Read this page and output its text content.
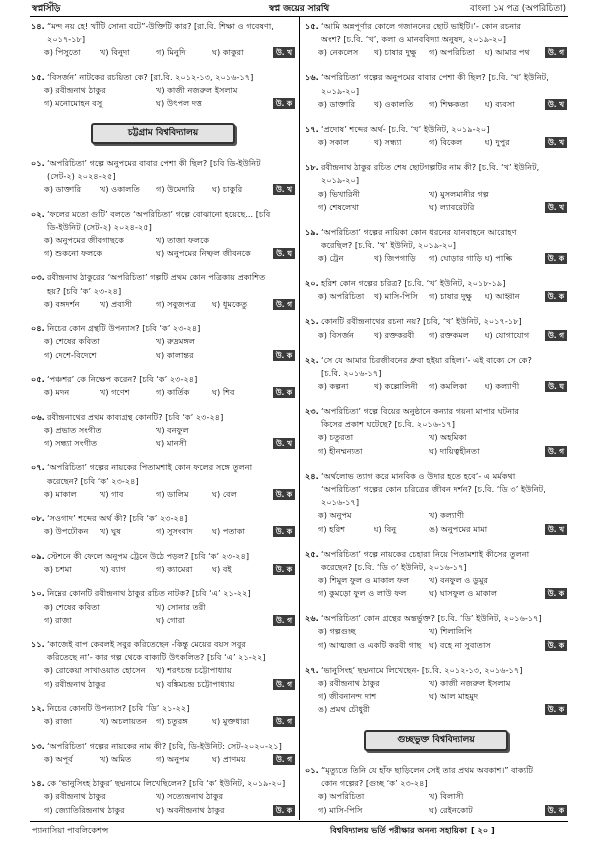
স্বপ্নসিঁড়ি	স্বপ্ন জয়ের সারথি	বাংলা ১ম পত্র (অপরিচিতা)
১৪. “মন্দ নয় হে! খাঁটি সোনা বটে”-উক্তিটি কার? [রা.বি. শিক্ষা ও গবেষণা,
২০১৭-১৮]
ক) পিসুতো	খ) বিনুদা	গ) মিনুদি	ঘ) কাকুরা	উ. খ
১৫. ‘বিসর্জন’ নাটকের রচয়িতা কে? [রা.বি. ২০১২-১৩, ২০১৬-১৭]
ক) রবীন্দ্রনাথ ঠাকুর	খ) কাজী নজরুল ইসলাম
গ) মনোমোহন বসু	ঘ) উৎপল দত্ত	উ. ক
চট্টগ্রাম বিশ্ববিদ্যালয়
০১. ‘অপরিচিতা’ গল্পে অনুপমের বাবার পেশা কী ছিল? [চবি ডি-ইউনিট
(সেট-২) ২০২৪-২৫]
ক) ডাক্তারি	খ) ওকালতি	গ) উমেদারি	ঘ) চাকুরি	উ. খ
০২. ‘ফলের মতো গুটি’ বলতে ‘অপরিচিতা’ গল্পে বোঝানো হয়েছে... [চবি
ডি-ইউনিট (সেট-২) ২০২৪-২৫]
ক) অনুপমের জীবগাছকে	খ) তাজা ফলকে
গ) শুকনো ফলকে	ঘ) অনুপমের নিষ্ফল জীবনকে	উ. ঘ
০৩. রবীন্দ্রনাথ ঠাকুরের ‘অপরিচিতা’ গল্পটি প্রথম কোন পত্রিকায় প্রকাশিত
হয়? [চবি ‘ক’ ২৩-২৪]
ক) বঙ্গদর্শন	খ) প্রবাসী	গ) সবুজপত্র	ঘ) ধূমকেতু	উ. গ
০৪. নিচের কোন গ্রন্থটি উপন্যাস? [চবি ‘ক’ ২৩-২৪]
ক) শেষের কবিতা	খ) রুদ্রমঙ্গল
গ) দেশে-বিদেশে	ঘ) কালান্তর	উ. ক
০৫. ‘পঞ্চশর’ কে নিক্ষেপ করেন? [চবি ‘ক’ ২৩-২৪]
ক) মদন	খ) গণেশ	গ) কার্তিক	ঘ) শিব	উ. ক
০৬. রবীন্দ্রনাথের প্রথম কাব্যগ্রন্থ কোনটি? [চবি ‘ক’ ২৩-২৪]
ক) প্রভাত সংগীত	খ) বনফুল
গ) সন্ধ্যা সংগীত	ঘ) মানসী	উ. খ
০৭. ‘অপরিচিতা’ গল্পের নায়কের পিতামশাই কোন ফলের সঙ্গে তুলনা
করেছেন? [চবি ‘ক’ ২৩-২৪]
ক) মাকাল	খ) গাব	গ) ডালিম	ঘ) বেল	উ. ক
০৮. ‘সওগাদ’ শব্দের অর্থ কী? [চবি ‘ক’ ২৩-২৪]
ক) উপঢৌকন	খ) ঘুষ	গ) সুসংবাদ	ঘ) পতাকা	উ. ক
০৯. স্টেশনে কী ফেলে অনুপম ট্রেনে উঠে পড়ল? [চবি ‘ক’ ২৩-২৪]
ক) চশমা	খ) ব্যাগ	গ) ক্যামেরা	ঘ) বই	উ. ক
১০. নিম্নের কোনটি রবীন্দ্রনাথ ঠাকুর রচিত নাটক? [চবি ‘এ’ ২১-২২]
ক) শেষের কবিতা	খ) সোনার তরী
গ) রাজা	ঘ) গোরা	উ. গ
১১. ‘কাজেই বাপ কেবলই সবুর করিতেছেন -কিন্তু মেয়ের বয়স সবুর
করিতেছে না’- কার গল্প থেকে বাক্যটি উৎকলিত? [চবি ‘এ’ ২১-২২]
ক) রোকেয়া সাখাওয়াত হোসেন	খ) শরৎচন্দ্র চট্টোপাধ্যায়
গ) রবীন্দ্রনাথ ঠাকুর	ঘ) বঙ্কিমচন্দ্র চট্টোপাধ্যায়	উ. গ
১২. নিচের কোনটি উপন্যাস? [চবি ‘ডি’ ২১-২২]
ক) রাজা	খ) অচলায়তন	গ) চতুরঙ্গ	ঘ) মুক্তধারা	উ. গ
১৩. ‘অপরিচিতা’ গল্পের নায়কের নাম কী? [চবি, ডি-ইউনিট: সেট-২০২০-২১]
ক) অপূর্ব	খ) অমিত	গ) অনুপম	ঘ) প্রাণময়	উ. গ
১৪. কে ‘ভানুসিংহ ঠাকুর’ ছদ্মনামে লিখেছিলেন? [চবি ‘ক’ ইউনিট, ২০১৯-২০]
ক) রবীন্দ্রনাথ ঠাকুর	খ) সত্যেন্দ্রনাথ ঠাকুর
গ) জ্যোতিরিন্দ্রনাথ ঠাকুর	ঘ) অবনীন্দ্রনাথ ঠাকুর	উ. ক
১৫. ‘আমি অন্নপূর্ণার কোলে গজাননের ছোট ভাইটি।’- কোন রচনার
অংশ? [চ.বি. ‘খ’, কলা ও মানববিদ্যা অনুষদ, ২০১৯-২০]
ক) নেকলেস	খ) চাষার দুক্ষু	গ) অপরিচিতা	ঘ) আমার পথ	উ. গ
১৬. ‘অপরিচিতা’ গল্পের অনুপমের বাবার পেশা কী ছিল? [চ.বি. ‘খ’ ইউনিট,
২০১৯-২০]
ক) ডাক্তারি	খ) ওকালতি	গ) শিক্ষকতা	ঘ) ব্যবসা	উ. খ
১৭. ‘প্রদোষ’ শব্দের অর্থ- [চ.বি. ‘খ’ ইউনিট, ২০১৯-২০]
ক) সকাল	খ) সন্ধ্যা	গ) বিকেল	ঘ) দুপুর	উ. খ
১৮. রবীন্দ্রনাথ ঠাকুর রচিত শেষ ছোটগল্পটির নাম কী? [চ.বি. ‘খ’ ইউনিট,
২০১৯-২০]
ক) ভিখারিনী	খ) মুসলমানীর গল্প
গ) শেষলেখা	ঘ) ল্যাবরেটরি	উ. খ
১৯. ‘অপরিচিতা’ গল্পের নায়িকা কোন ধরনের যানবাহনে আরোহণ
করেছিল? [চ.বি. ‘খ’ ইউনিট, ২০১৯-২০]
ক) ট্রেন	খ) জিপগাড়ি	গ) ঘোড়ার গাড়ি ঘ) পাল্কি	উ. ক
২০. হরিশ কোন গল্পের চরিত্র? [চ.বি. ‘খ’ ইউনিট, ২০১৮-১৯]
ক) অপরিচিতা	খ) মাসি-পিসি	গ) চাষার দুক্ষু	ঘ) আহ্বান	উ. ক
২১. কোনটি রবীন্দ্রনাথের রচনা নয়? [চবি, ‘খ’ ইউনিট, ২০১৭-১৮]
ক) বিসর্জন	খ) রক্তকরবী	গ) রক্তকমল	ঘ) যোগাযোগ	উ. গ
২২. ‘সে যে আমার চিরজীবনের ধ্রুবা হইয়া রহিল।’- এই বাক্যে সে কে?
[চ.বি. ২০১৬-১৭]
ক) কল্পনা	খ) কল্লোলিনী	গ) কমলিকা	ঘ) কল্যাণী	উ. ঘ
২৩. ‘অপরিচিতা’ গল্পে বিয়ের অনুষ্ঠানে কন্যার গয়না মাপার ঘটনার
কিসের প্রকাশ ঘটেছে? [চ.বি. ২০১৬-১৭]
ক) চতুরতা	খ) অহমিকা
গ) হীনম্মন্যতা	ঘ) দায়িত্বহীনতা	উ. গ
২৪. ‘অর্থলোভ ত্যাগ করে মানবিক ও উদার হতে হবে’- এ মর্মকথা
‘অপরিচিতা’ গল্পের কোন চরিত্রের জীবন দর্শন? [চ.বি. ‘ডি ৩’ ইউনিট,
২০১৬-১৭]
ক) অনুপম	খ) কল্যাণী
গ) হরিশ	ঘ) বিনু	ঙ) অনুপমের মামা	উ. খ
২৫. ‘অপরিচিতা’ গল্পে নায়কের চেহারা নিয়ে পিতামশাই কীসের তুলনা
করেছেন? [চ.বি. ‘ডি ৩’ ইউনিট, ২০১৬-১৭]
ক) শিমুল ফুল ও মাকাল ফল	খ) বনফুল ও ডুমুর
গ) কুমড়ো ফুল ও লাউ ফল	ঘ) ঘাসফুল ও মাকাল	উ. ক
২৬. ‘অপরিচিতা’ কোন গ্রন্থের অন্তর্ভুক্ত? [চ.বি. ‘ডি’ ইউনিট, ২০১৬-১৭]
ক) গল্পগুচ্ছ	খ) শিলালিপি
গ) আত্মজা ও একটি করবী গাছ ঘ) বহে না সুবাতাস	উ. ক
২৭. ‘ভানুসিংহ’ ছদ্মনামে লিখেছেন- [চ.বি. ২০১২-১৩, ২০১৬-১৭]
ক) রবীন্দ্রনাথ ঠাকুর	খ) কাজী নজরুল ইসলাম
গ) জীবনানন্দ দাশ	ঘ) আল মাহমুদ
ঙ) প্রমথ চৌধুরী	উ. ক
গুচ্ছভুক্ত বিশ্ববিদ্যালয়
০১. “মৃত্যুতে তিনি যে হাঁফ ছাড়িলেন সেই তার প্রথম অবকাশ।” বাক্যটি
কোন গল্পের? [গুচ্ছ ‘ক’ ২৩-২৪]
ক) অপরিচিতা	খ) বিলাসী
গ) মাসি-পিসি	ঘ) রেইনকোট	উ. ক
প্যানাসিয়া পাবলিকেশন্স	বিশ্ববিদ্যালয় ভর্তি পরীক্ষার অনন্য সহায়িকা [ ২০ ]
